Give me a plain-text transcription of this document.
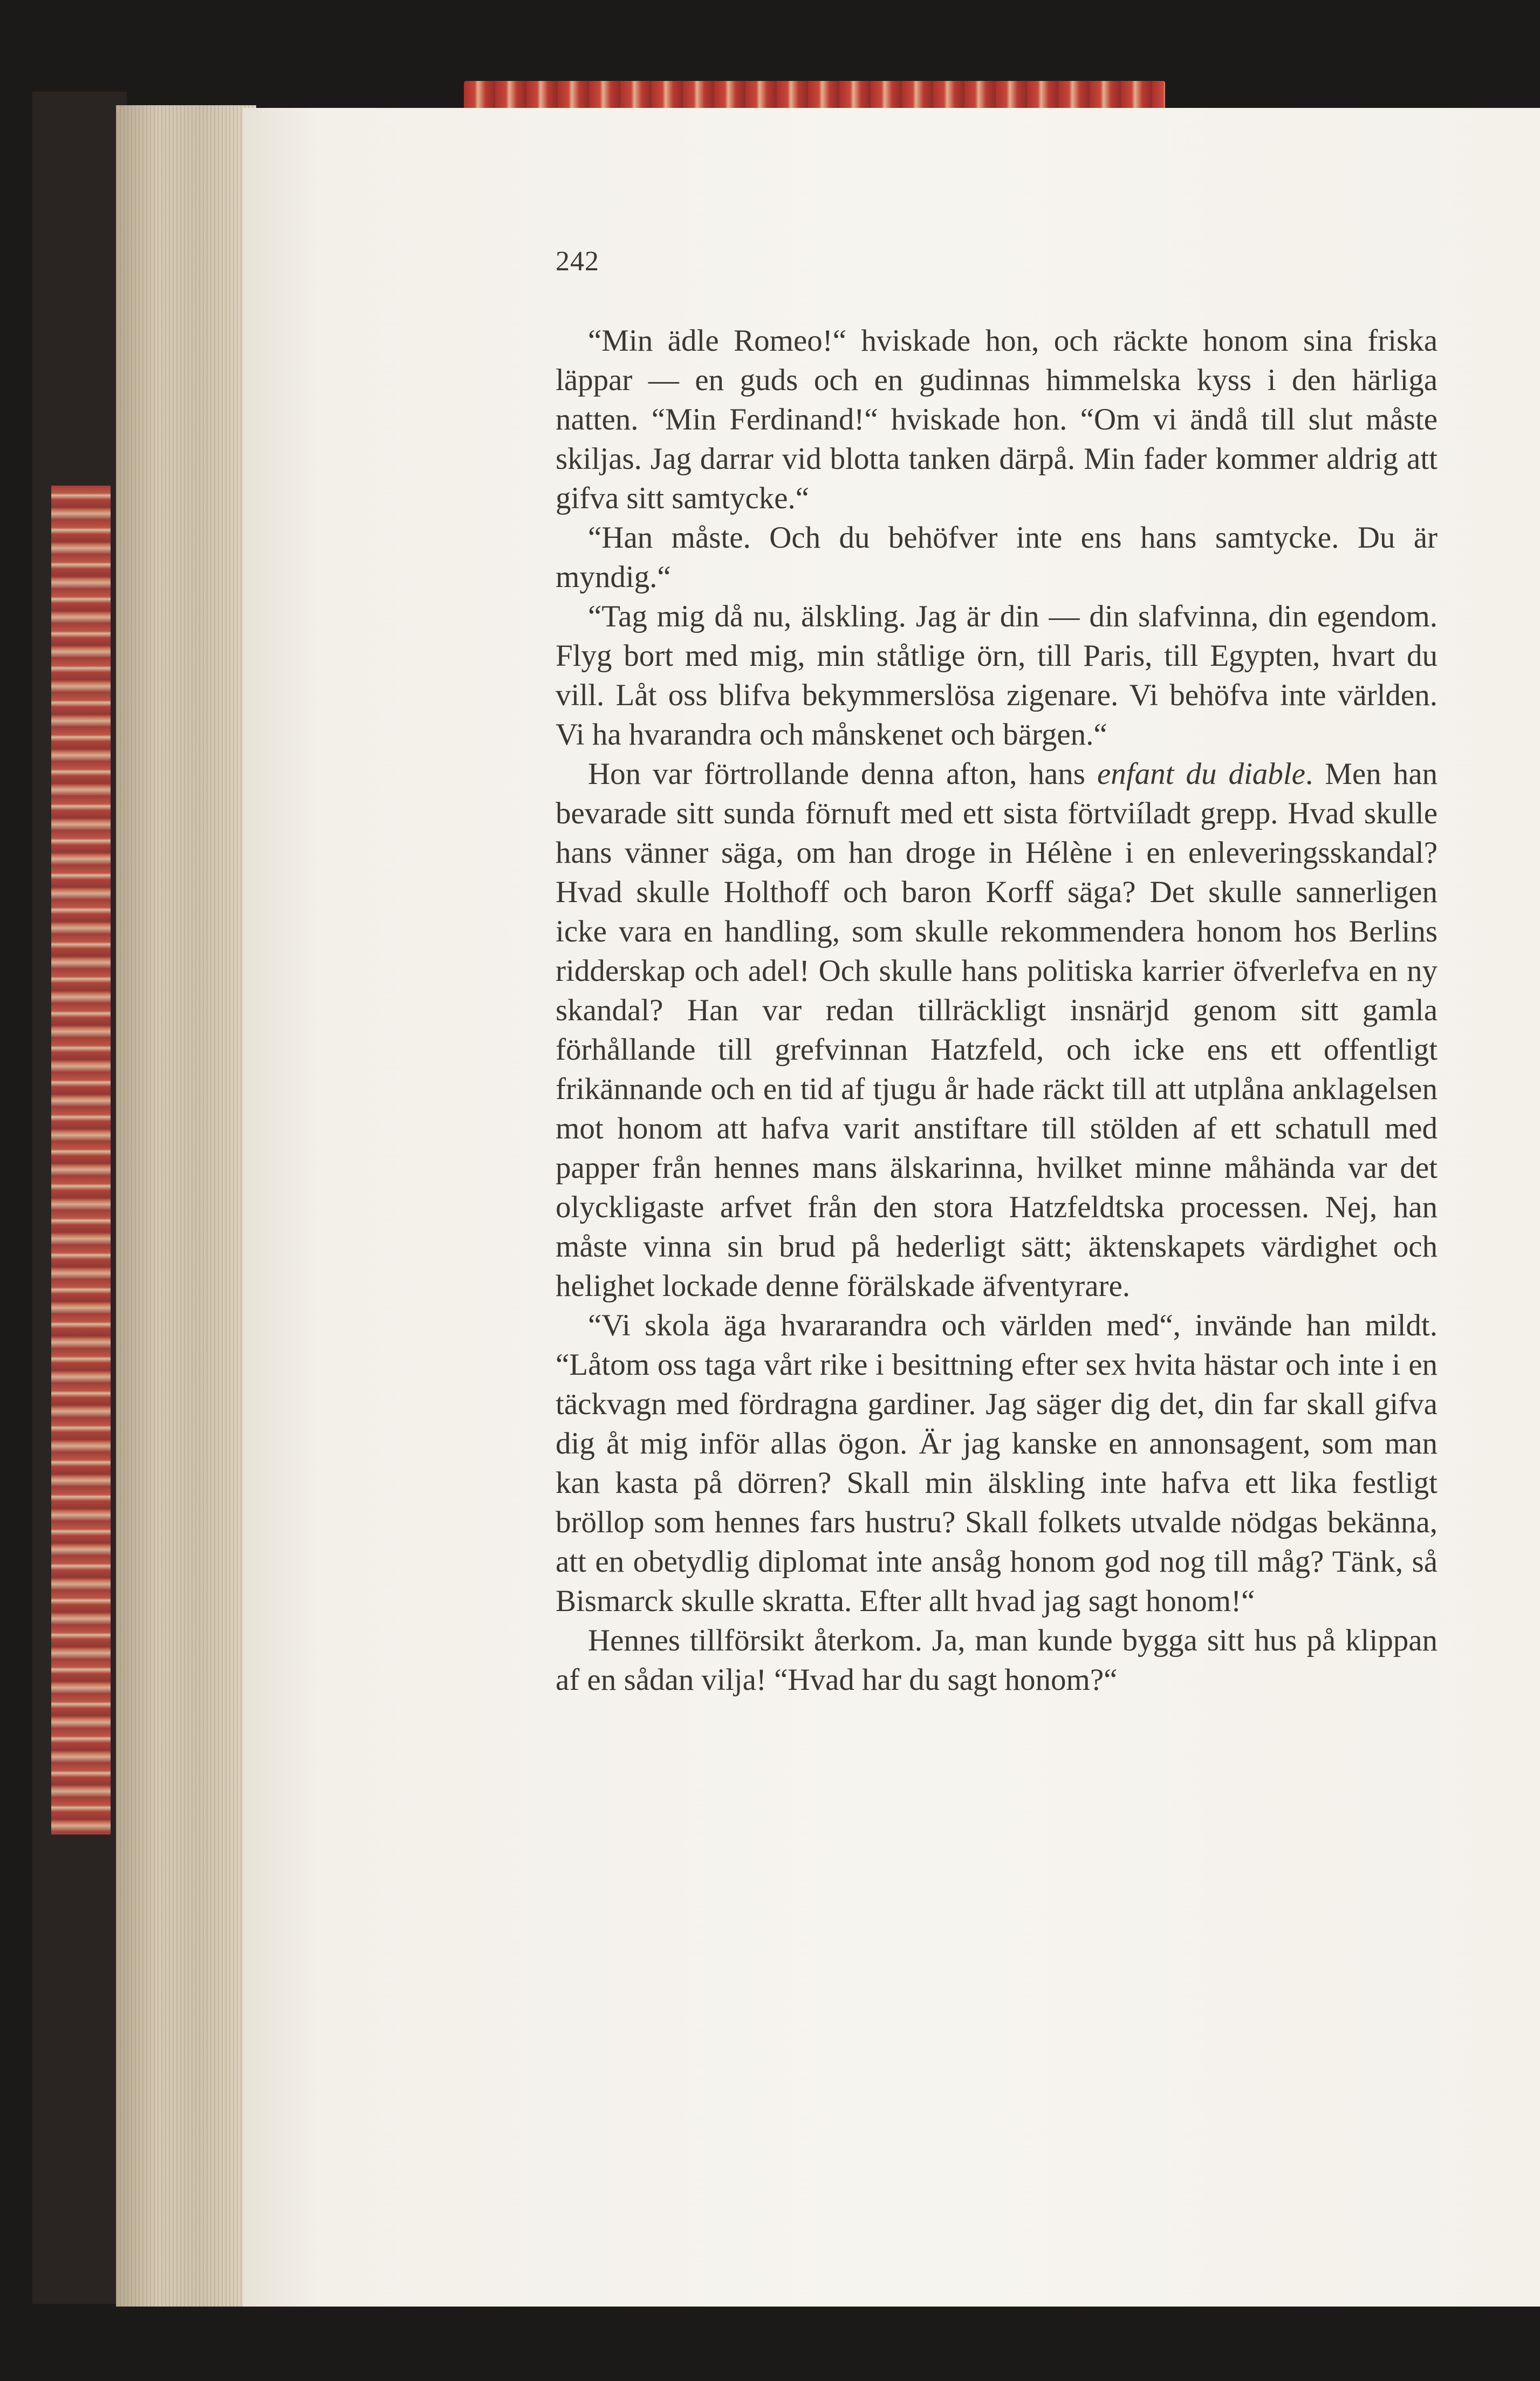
242

“Min ädle Romeo!“ hviskade hon, och räckte honom sina friska läppar — en guds och en gudinnas himmelska kyss i den härliga natten. “Min Ferdinand!“ hviskade hon. “Om vi ändå till slut måste skiljas. Jag darrar vid blotta tanken därpå. Min fader kommer aldrig att gifva sitt samtycke.“

“Han måste. Och du behöfver inte ens hans samtycke. Du är myndig.“

“Tag mig då nu, älskling. Jag är din — din slafvinna, din egendom. Flyg bort med mig, min ståtlige örn, till Paris, till Egypten, hvart du vill. Låt oss blifva bekymmerslösa zigenare. Vi behöfva inte världen. Vi ha hvarandra och månskenet och bärgen.“

Hon var förtrollande denna afton, hans enfant du diable. Men han bevarade sitt sunda förnuft med ett sista förtviíladt grepp. Hvad skulle hans vänner säga, om han droge in Hélène i en enleveringsskandal? Hvad skulle Holthoff och baron Korff säga? Det skulle sannerligen icke vara en handling, som skulle rekommendera honom hos Berlins ridderskap och adel! Och skulle hans politiska karrier öfverlefva en ny skandal? Han var redan tillräckligt insnärjd genom sitt gamla förhållande till grefvinnan Hatzfeld, och icke ens ett offentligt frikännande och en tid af tjugu år hade räckt till att utplåna anklagelsen mot honom att hafva varit anstiftare till stölden af ett schatull med papper från hennes mans älskarinna, hvilket minne måhända var det olyckligaste arfvet från den stora Hatzfeldtska processen. Nej, han måste vinna sin brud på hederligt sätt; äktenskapets värdighet och helighet lockade denne förälskade äfventyrare.

“Vi skola äga hvararandra och världen med“, invände han mildt. “Låtom oss taga vårt rike i besittning efter sex hvita hästar och inte i en täckvagn med fördragna gardiner. Jag säger dig det, din far skall gifva dig åt mig inför allas ögon. Är jag kanske en annonsagent, som man kan kasta på dörren? Skall min älskling inte hafva ett lika festligt bröllop som hennes fars hustru? Skall folkets utvalde nödgas bekänna, att en obetydlig diplomat inte ansåg honom god nog till måg? Tänk, så Bismarck skulle skratta. Efter allt hvad jag sagt honom!“

Hennes tillförsikt återkom. Ja, man kunde bygga sitt hus på klippan af en sådan vilja! “Hvad har du sagt honom?“
